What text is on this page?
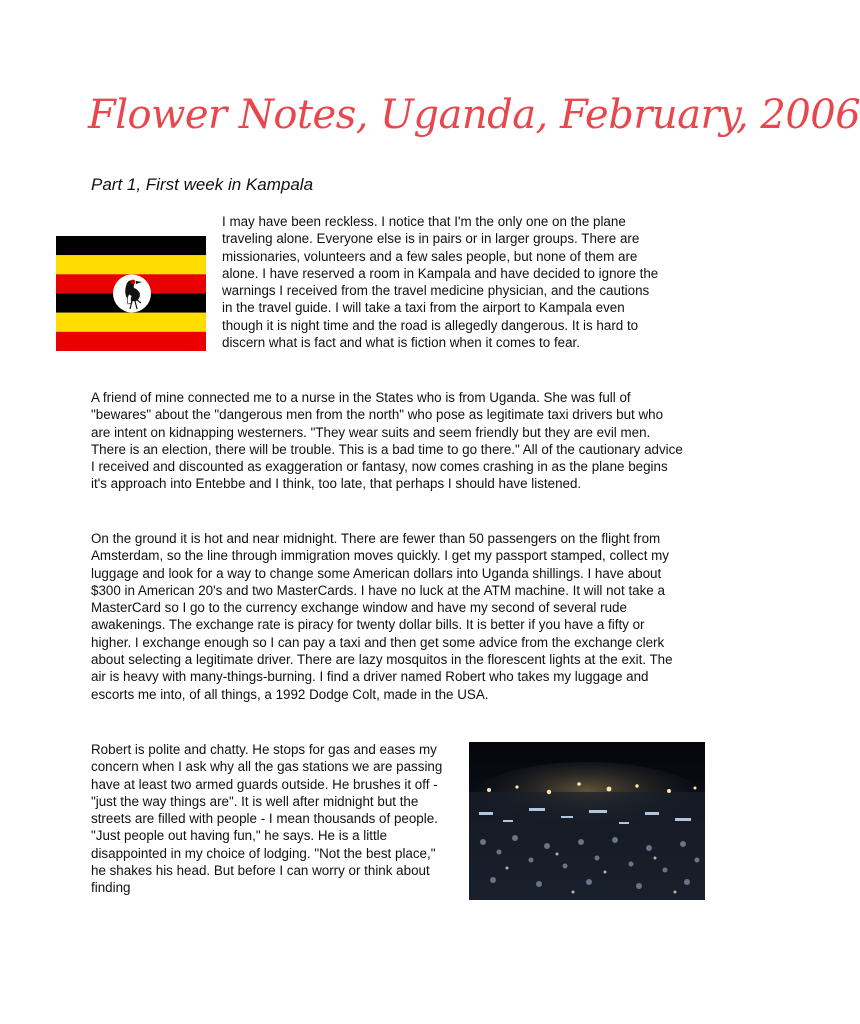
Flower Notes, Uganda, February, 2006
Part 1, First week in Kampala

I may have been reckless. I notice that I'm the only one on the plane traveling alone. Everyone else is in pairs or in larger groups. There are missionaries, volunteers and a few sales people, but none of them are alone. I have reserved a room in Kampala and have decided to ignore the warnings I received from the travel medicine physician, and the cautions in the travel guide. I will take a taxi from the airport to Kampala even though it is night time and the road is allegedly dangerous. It is hard to discern what is fact and what is fiction when it comes to fear.

A friend of mine connected me to a nurse in the States who is from Uganda. She was full of "bewares" about the "dangerous men from the north" who pose as legitimate taxi drivers but who are intent on kidnapping westerners. "They wear suits and seem friendly but they are evil men. There is an election, there will be trouble. This is a bad time to go there." All of the cautionary advice I received and discounted as exaggeration or fantasy, now comes crashing in as the plane begins it's approach into Entebbe and I think, too late, that perhaps I should have listened.

On the ground it is hot and near midnight. There are fewer than 50 passengers on the flight from Amsterdam, so the line through immigration moves quickly. I get my passport stamped, collect my luggage and look for a way to change some American dollars into Uganda shillings. I have about $300 in American 20's and two MasterCards. I have no luck at the ATM machine. It will not take a MasterCard so I go to the currency exchange window and have my second of several rude awakenings. The exchange rate is piracy for twenty dollar bills. It is better if you have a fifty or higher. I exchange enough so I can pay a taxi and then get some advice from the exchange clerk about selecting a legitimate driver. There are lazy mosquitos in the florescent lights at the exit. The air is heavy with many-things-burning. I find a driver named Robert who takes my luggage and escorts me into, of all things, a 1992 Dodge Colt, made in the USA.

Robert is polite and chatty. He stops for gas and eases my concern when I ask why all the gas stations we are passing have at least two armed guards outside. He brushes it off - "just the way things are". It is well after midnight but the streets are filled with people - I mean thousands of people. "Just people out having fun," he says. He is a little disappointed in my choice of lodging. "Not the best place," he shakes his head. But before I can worry or think about finding
